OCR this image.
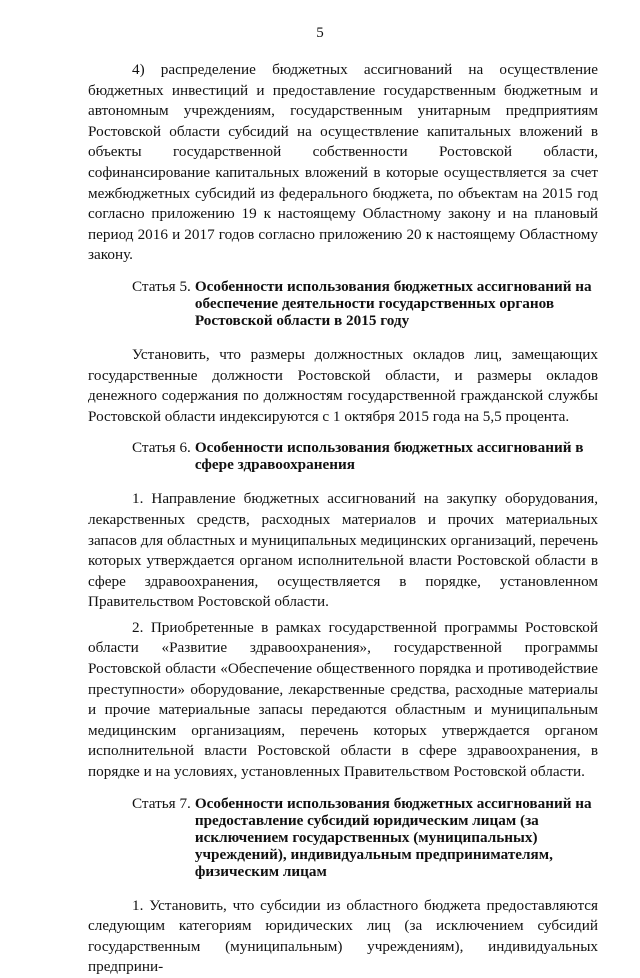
5

4) распределение бюджетных ассигнований на осуществление бюджетных инвестиций и предоставление государственным бюджетным и автономным учреждениям, государственным унитарным предприятиям Ростовской области субсидий на осуществление капитальных вложений в объекты государственной собственности Ростовской области, софинансирование капитальных вложений в которые осуществляется за счет межбюджетных субсидий из федерального бюджета, по объектам на 2015 год согласно приложению 19 к настоящему Областному закону и на плановый период 2016 и 2017 годов согласно приложению 20 к настоящему Областному закону.

Статья 5. Особенности использования бюджетных ассигнований на обеспечение деятельности государственных органов Ростовской области в 2015 году

Установить, что размеры должностных окладов лиц, замещающих государственные должности Ростовской области, и размеры окладов денежного содержания по должностям государственной гражданской службы Ростовской области индексируются с 1 октября 2015 года на 5,5 процента.

Статья 6. Особенности использования бюджетных ассигнований в сфере здравоохранения

1. Направление бюджетных ассигнований на закупку оборудования, лекарственных средств, расходных материалов и прочих материальных запасов для областных и муниципальных медицинских организаций, перечень которых утверждается органом исполнительной власти Ростовской области в сфере здравоохранения, осуществляется в порядке, установленном Правительством Ростовской области.

2. Приобретенные в рамках государственной программы Ростовской области «Развитие здравоохранения», государственной программы Ростовской области «Обеспечение общественного порядка и противодействие преступности» оборудование, лекарственные средства, расходные материалы и прочие материальные запасы передаются областным и муниципальным медицинским организациям, перечень которых утверждается органом исполнительной власти Ростовской области в сфере здравоохранения, в порядке и на условиях, установленных Правительством Ростовской области.

Статья 7. Особенности использования бюджетных ассигнований на предоставление субсидий юридическим лицам (за исключением государственных (муниципальных) учреждений), индивидуальным предпринимателям, физическим лицам

1. Установить, что субсидии из областного бюджета предоставляются следующим категориям юридических лиц (за исключением субсидий государственным (муниципальным) учреждениям), индивидуальных предприни-
